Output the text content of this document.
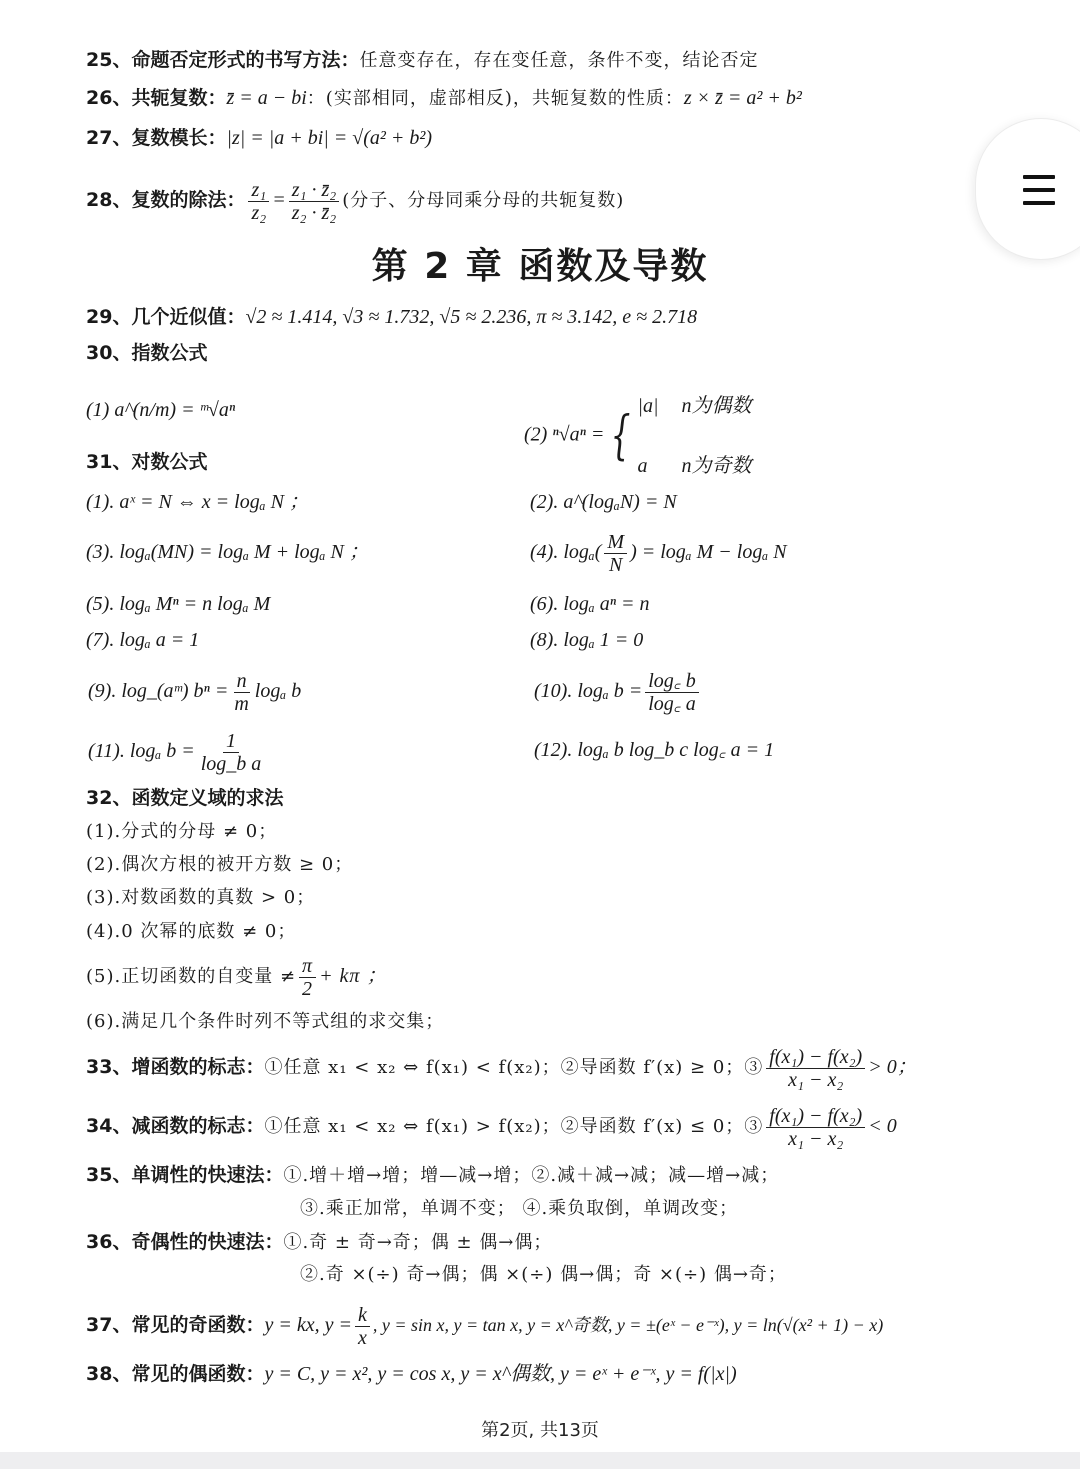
25、命题否定形式的书写方法：任意变存在，存在变任意，条件不变，结论否定
26、共轭复数：z̄ = a − bi：(实部相同，虚部相反)，共轭复数的性质：z × z̄ = a² + b²
27、复数模长：|z| = |a + bi| = √(a² + b²)
28、复数的除法： $\frac{\text{z₁}}{\text{z₂}} = \frac{\text{z₁ · z̄₂}}{\text{z₂ · z̄₂}}$ (分子、分母同乘分母的共轭复数)
第 2 章 函数及导数
29、几个近似值：√2 ≈ 1.414, √3 ≈ 1.732, √5 ≈ 2.236, π ≈ 3.142, e ≈ 2.718
30、指数公式
(1) a^(n/m) = ᵐ√aⁿ
(2) ⁿ√aⁿ = { |a| n为偶数
a n为奇数
31、对数公式
(1). aˣ = N ⇔ x = logₐ N ；	(2). a^(logₐN) = N
(3). logₐ(MN) = logₐ M + logₐ N ；	(4). $\log_a( \frac{M}{N}$ ) = logₐ M − logₐ N
(5). logₐ Mⁿ = n logₐ M	(6). logₐ aⁿ = n
(7). logₐ a = 1	(8). logₐ 1 = 0
(9). log_(aᵐ) $b^n = \frac{n}{m}$ logₐ b	(10). logₐ $b = \frac{\log꜀ b}{\log꜀ a}$
(11). logₐ $b = \frac{1}{\text{log\_b a}}$	(12). logₐ b log_b c log꜀ a = 1
32、函数定义域的求法
(1).分式的分母 ≠ 0；
(2).偶次方根的被开方数 ≥ 0；
(3).对数函数的真数 > 0；
(4).0 次幂的底数 ≠ 0；
(5).正切函数的自变量 ≠ $\frac{\pi}{2} + k\pi$ ；
(6).满足几个条件时列不等式组的求交集；
33、增函数的标志：①任意 x₁ < x₂ ⇔ f(x₁) < f(x₂)；②导函数 f′(x) ≥ 0；③ $\frac{\text{f(x₁) − f(x₂)}}{\text{x₁ − x₂}} > 0$；
34、减函数的标志：①任意 x₁ < x₂ ⇔ f(x₁) > f(x₂)；②导函数 f′(x) ≤ 0；③ $\frac{\text{f(x₁) − f(x₂)}}{\text{x₁ − x₂}} < 0$
35、单调性的快速法：①.增＋增→增；增—减→增；②.减＋减→减；减—增→减；
③.乘正加常，单调不变； ④.乘负取倒，单调改变；
36、奇偶性的快速法：①.奇 ± 奇→奇；偶 ± 偶→偶；
②.奇 ×(÷) 奇→偶；偶 ×(÷) 偶→偶；奇 ×(÷) 偶→奇；
37、常见的奇函数：y = kx, $y = \frac{k}{x}$ , y = sin x, y = tan x, y = x^奇数, y = ±(eˣ − e⁻ˣ), y = ln(√(x² + 1) − x)
38、常见的偶函数：y = C, y = x², y = cos x, y = x^偶数, y = eˣ + e⁻ˣ, y = f(|x|)
第2页, 共13页
